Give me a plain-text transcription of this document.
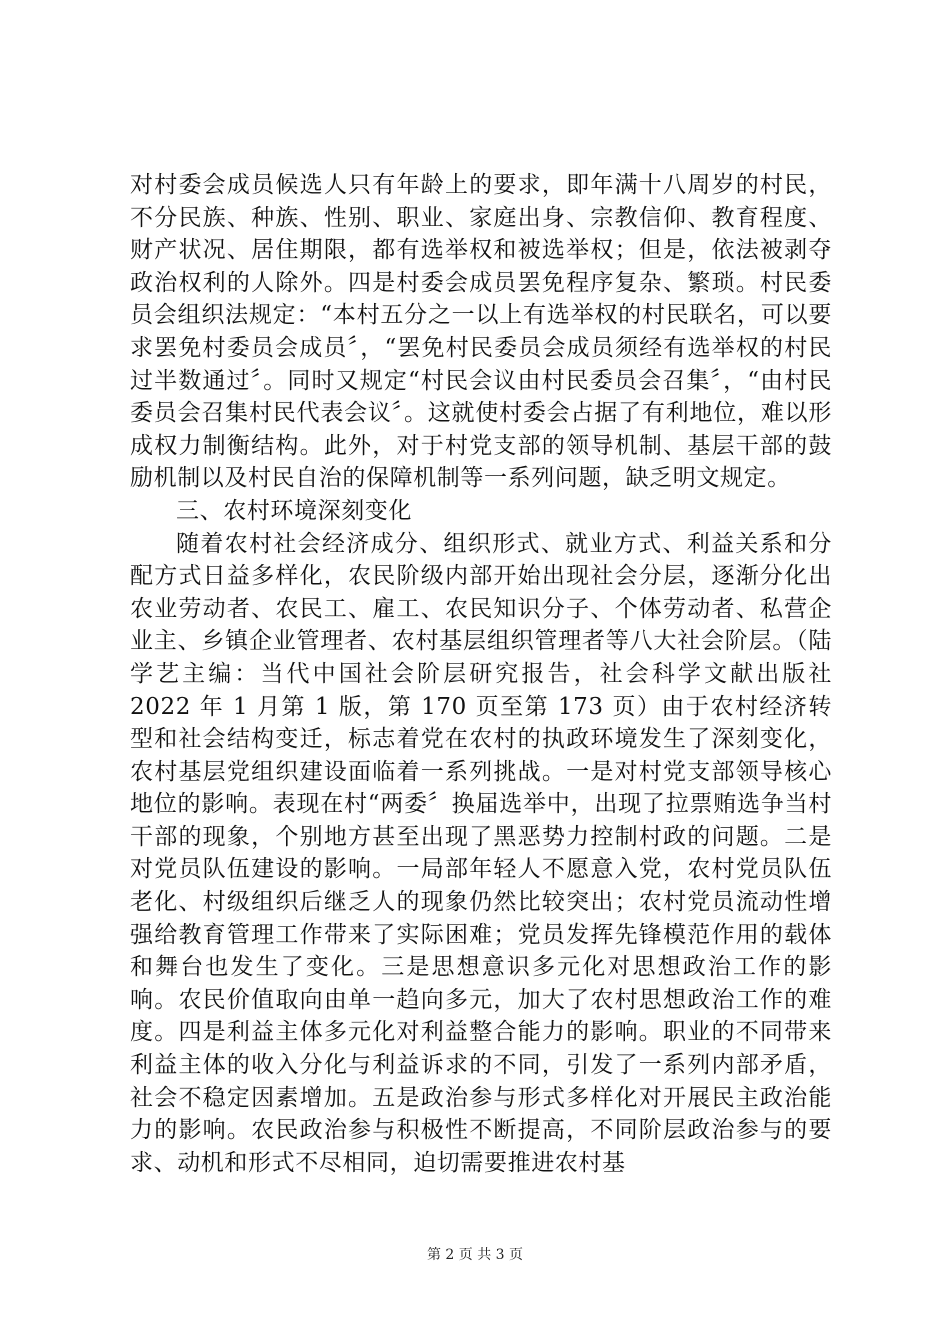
对村委会成员候选人只有年龄上的要求，即年满十八周岁的村民，不分民族、种族、性别、职业、家庭出身、宗教信仰、教育程度、财产状况、居住期限，都有选举权和被选举权；但是，依法被剥夺政治权利的人除外。四是村委会成员罢免程序复杂、繁琐。村民委员会组织法规定：“本村五分之一以上有选举权的村民联名，可以要求罢免村委员会成员〞，“罢免村民委员会成员须经有选举权的村民过半数通过〞。同时又规定“村民会议由村民委员会召集〞，“由村民委员会召集村民代表会议〞。这就使村委会占据了有利地位，难以形成权力制衡结构。此外，对于村党支部的领导机制、基层干部的鼓励机制以及村民自治的保障机制等一系列问题，缺乏明文规定。

三、农村环境深刻变化

随着农村社会经济成分、组织形式、就业方式、利益关系和分配方式日益多样化，农民阶级内部开始出现社会分层，逐渐分化出农业劳动者、农民工、雇工、农民知识分子、个体劳动者、私营企业主、乡镇企业管理者、农村基层组织管理者等八大社会阶层。（陆学艺主编：当代中国社会阶层研究报告，社会科学文献出版社 2022 年 1 月第 1 版，第 170 页至第 173 页）由于农村经济转型和社会结构变迁，标志着党在农村的执政环境发生了深刻变化，农村基层党组织建设面临着一系列挑战。一是对村党支部领导核心地位的影响。表现在村“两委〞换届选举中，出现了拉票贿选争当村干部的现象，个别地方甚至出现了黑恶势力控制村政的问题。二是对党员队伍建设的影响。一局部年轻人不愿意入党，农村党员队伍老化、村级组织后继乏人的现象仍然比较突出；农村党员流动性增强给教育管理工作带来了实际困难；党员发挥先锋模范作用的载体和舞台也发生了变化。三是思想意识多元化对思想政治工作的影响。农民价值取向由单一趋向多元，加大了农村思想政治工作的难度。四是利益主体多元化对利益整合能力的影响。职业的不同带来利益主体的收入分化与利益诉求的不同，引发了一系列内部矛盾，社会不稳定因素增加。五是政治参与形式多样化对开展民主政治能力的影响。农民政治参与积极性不断提高，不同阶层政治参与的要求、动机和形式不尽相同，迫切需要推进农村基

第 2 页 共 3 页
